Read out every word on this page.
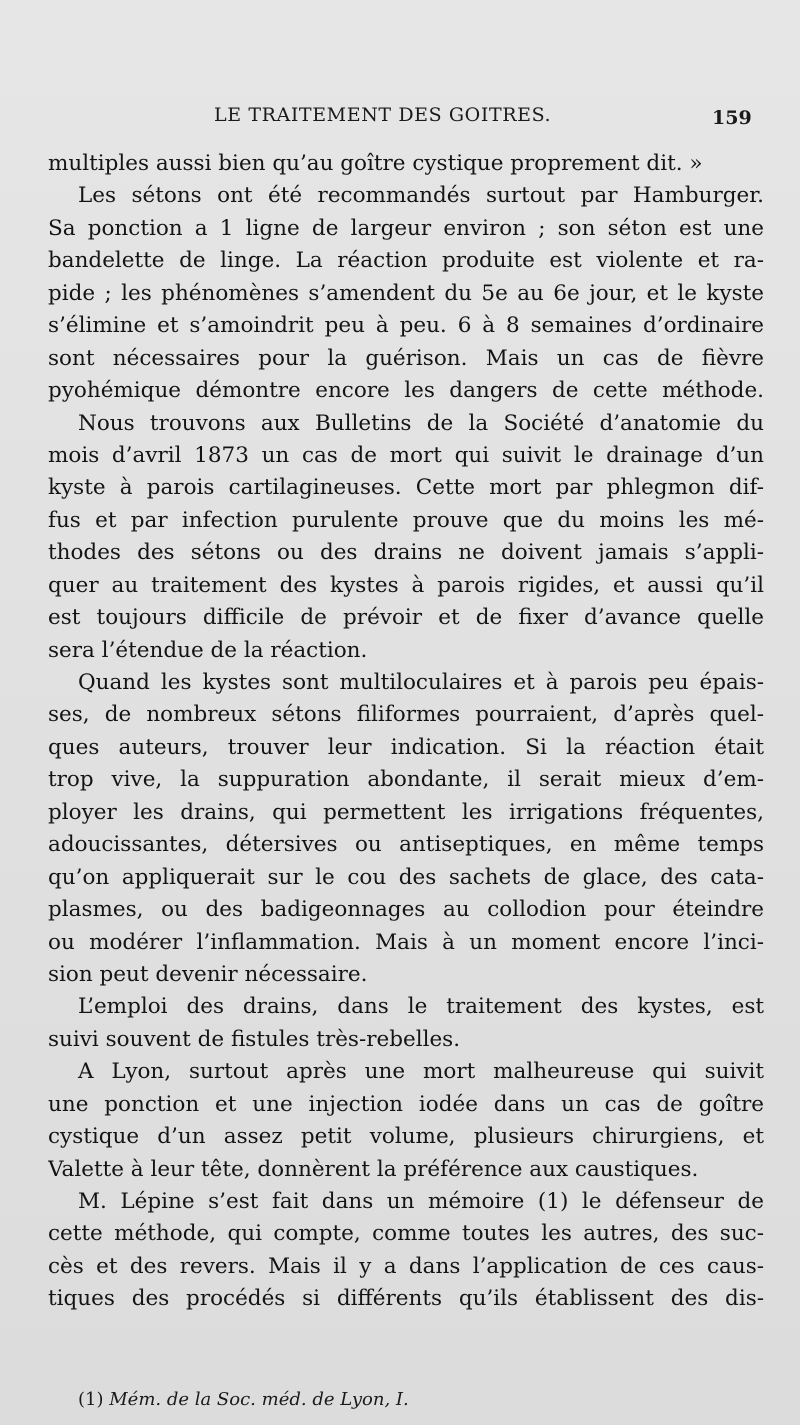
LE TRAITEMENT DES GOITRES.	159
multiples aussi bien qu’au goître cystique proprement dit. »
Les sétons ont été recommandés surtout par Hamburger.
Sa ponction a 1 ligne de largeur environ ; son séton est une
bandelette de linge. La réaction produite est violente et ra-
pide ; les phénomènes s’amendent du 5e au 6e jour, et le kyste
s’élimine et s’amoindrit peu à peu. 6 à 8 semaines d’ordinaire
sont nécessaires pour la guérison. Mais un cas de fièvre
pyohémique démontre encore les dangers de cette méthode.
Nous trouvons aux Bulletins de la Société d’anatomie du
mois d’avril 1873 un cas de mort qui suivit le drainage d’un
kyste à parois cartilagineuses. Cette mort par phlegmon dif-
fus et par infection purulente prouve que du moins les mé-
thodes des sétons ou des drains ne doivent jamais s’appli-
quer au traitement des kystes à parois rigides, et aussi qu’il
est toujours difficile de prévoir et de fixer d’avance quelle
sera l’étendue de la réaction.
Quand les kystes sont multiloculaires et à parois peu épais-
ses, de nombreux sétons filiformes pourraient, d’après quel-
ques auteurs, trouver leur indication. Si la réaction était
trop vive, la suppuration abondante, il serait mieux d’em-
ployer les drains, qui permettent les irrigations fréquentes,
adoucissantes, détersives ou antiseptiques, en même temps
qu’on appliquerait sur le cou des sachets de glace, des cata-
plasmes, ou des badigeonnages au collodion pour éteindre
ou modérer l’inflammation. Mais à un moment encore l’inci-
sion peut devenir nécessaire.
L’emploi des drains, dans le traitement des kystes, est
suivi souvent de fistules très-rebelles.
A Lyon, surtout après une mort malheureuse qui suivit
une ponction et une injection iodée dans un cas de goître
cystique d’un assez petit volume, plusieurs chirurgiens, et
Valette à leur tête, donnèrent la préférence aux caustiques.
M. Lépine s’est fait dans un mémoire (1) le défenseur de
cette méthode, qui compte, comme toutes les autres, des suc-
cès et des revers. Mais il y a dans l’application de ces caus-
tiques des procédés si différents qu’ils établissent des dis-
(1) Mém. de la Soc. méd. de Lyon, I.
